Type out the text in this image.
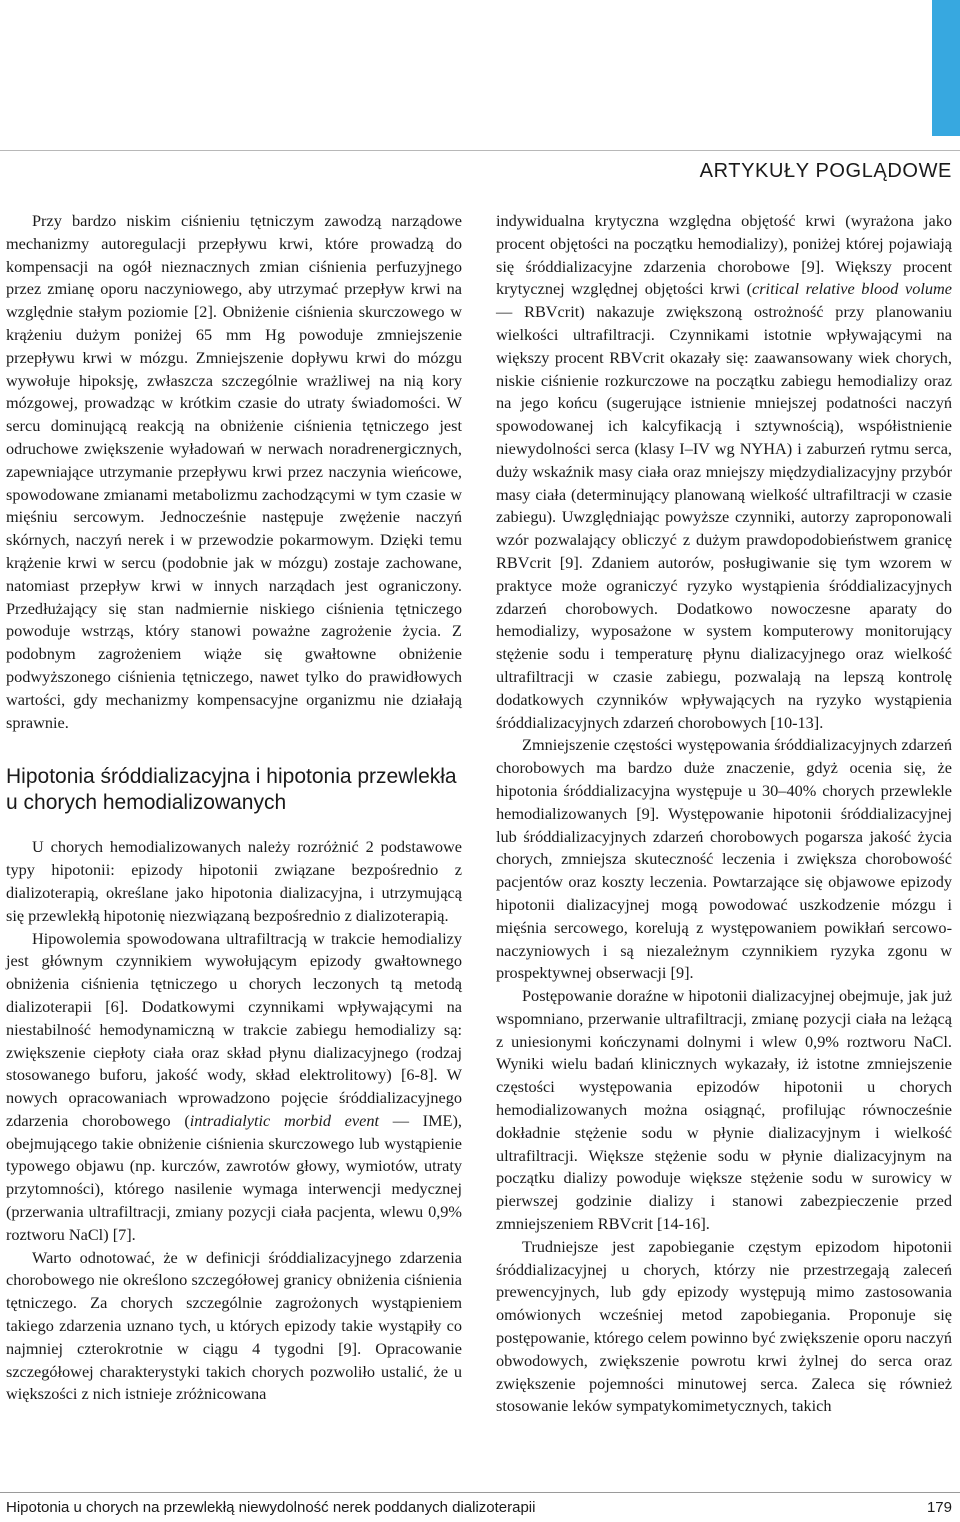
ARTYKUŁY POGLĄDOWE

Przy bardzo niskim ciśnieniu tętniczym zawodzą narządowe mechanizmy autoregulacji przepływu krwi, które prowadzą do kompensacji na ogół nieznacznych zmian ciśnienia perfuzyjnego przez zmianę oporu naczyniowego, aby utrzymać przepływ krwi na względnie stałym poziomie [2]. Obniżenie ciśnienia skurczowego w krążeniu dużym poniżej 65 mm Hg powoduje zmniejszenie przepływu krwi w mózgu. Zmniejszenie dopływu krwi do mózgu wywołuje hipoksję, zwłaszcza szczególnie wrażliwej na nią kory mózgowej, prowadząc w krótkim czasie do utraty świadomości. W sercu dominującą reakcją na obniżenie ciśnienia tętniczego jest odruchowe zwiększenie wyładowań w nerwach noradrenergicznych, zapewniające utrzymanie przepływu krwi przez naczynia wieńcowe, spowodowane zmianami metabolizmu zachodzącymi w tym czasie w mięśniu sercowym. Jednocześnie następuje zwężenie naczyń skórnych, naczyń nerek i w przewodzie pokarmowym. Dzięki temu krążenie krwi w sercu (podobnie jak w mózgu) zostaje zachowane, natomiast przepływ krwi w innych narządach jest ograniczony. Przedłużający się stan nadmiernie niskiego ciśnienia tętniczego powoduje wstrząs, który stanowi poważne zagrożenie życia. Z podobnym zagrożeniem wiąże się gwałtowne obniżenie podwyższonego ciśnienia tętniczego, nawet tylko do prawidłowych wartości, gdy mechanizmy kompensacyjne organizmu nie działają sprawnie.

Hipotonia śróddializacyjna i hipotonia przewlekła u chorych hemodializowanych

U chorych hemodializowanych należy rozróżnić 2 podstawowe typy hipotonii: epizody hipotonii związane bezpośrednio z dializoterapią, określane jako hipotonia dializacyjna, i utrzymującą się przewlekłą hipotonię niezwiązaną bezpośrednio z dializoterapią.

Hipowolemia spowodowana ultrafiltracją w trakcie hemodializy jest głównym czynnikiem wywołującym epizody gwałtownego obniżenia ciśnienia tętniczego u chorych leczonych tą metodą dializoterapii [6]. Dodatkowymi czynnikami wpływającymi na niestabilność hemodynamiczną w trakcie zabiegu hemodializy są: zwiększenie ciepłoty ciała oraz skład płynu dializacyjnego (rodzaj stosowanego buforu, jakość wody, skład elektrolitowy) [6-8]. W nowych opracowaniach wprowadzono pojęcie śróddializacyjnego zdarzenia chorobowego (intradialytic morbid event — IME), obejmującego takie obniżenie ciśnienia skurczowego lub wystąpienie typowego objawu (np. kurczów, zawrotów głowy, wymiotów, utraty przytomności), którego nasilenie wymaga interwencji medycznej (przerwania ultrafiltracji, zmiany pozycji ciała pacjenta, wlewu 0,9% roztworu NaCl) [7].

Warto odnotować, że w definicji śróddializacyjnego zdarzenia chorobowego nie określono szczegółowej granicy obniżenia ciśnienia tętniczego. Za chorych szczególnie zagrożonych wystąpieniem takiego zdarzenia uznano tych, u których epizody takie wystąpiły co najmniej czterokrotnie w ciągu 4 tygodni [9]. Opracowanie szczegółowej charakterystyki takich chorych pozwoliło ustalić, że u większości z nich istnieje zróżnicowana

indywidualna krytyczna względna objętość krwi (wyrażona jako procent objętości na początku hemodializy), poniżej której pojawiają się śróddializacyjne zdarzenia chorobowe [9]. Większy procent krytycznej względnej objętości krwi (critical relative blood volume — RBVcrit) nakazuje zwiększoną ostrożność przy planowaniu wielkości ultrafiltracji. Czynnikami istotnie wpływającymi na większy procent RBVcrit okazały się: zaawansowany wiek chorych, niskie ciśnienie rozkurczowe na początku zabiegu hemodializy oraz na jego końcu (sugerujące istnienie mniejszej podatności naczyń spowodowanej ich kalcyfikacją i sztywnością), współistnienie niewydolności serca (klasy I–IV wg NYHA) i zaburzeń rytmu serca, duży wskaźnik masy ciała oraz mniejszy międzydializacyjny przybór masy ciała (determinujący planowaną wielkość ultrafiltracji w czasie zabiegu). Uwzględniając powyższe czynniki, autorzy zaproponowali wzór pozwalający obliczyć z dużym prawdopodobieństwem granicę RBVcrit [9]. Zdaniem autorów, posługiwanie się tym wzorem w praktyce może ograniczyć ryzyko wystąpienia śróddializacyjnych zdarzeń chorobowych. Dodatkowo nowoczesne aparaty do hemodializy, wyposażone w system komputerowy monitorujący stężenie sodu i temperaturę płynu dializacyjnego oraz wielkość ultrafiltracji w czasie zabiegu, pozwalają na lepszą kontrolę dodatkowych czynników wpływających na ryzyko wystąpienia śróddializacyjnych zdarzeń chorobowych [10-13].

Zmniejszenie częstości występowania śróddializacyjnych zdarzeń chorobowych ma bardzo duże znaczenie, gdyż ocenia się, że hipotonia śróddializacyjna występuje u 30–40% chorych przewlekle hemodializowanych [9]. Występowanie hipotonii śróddializacyjnej lub śróddializacyjnych zdarzeń chorobowych pogarsza jakość życia chorych, zmniejsza skuteczność leczenia i zwiększa chorobowość pacjentów oraz koszty leczenia. Powtarzające się objawowe epizody hipotonii dializacyjnej mogą powodować uszkodzenie mózgu i mięśnia sercowego, korelują z występowaniem powikłań sercowo-naczyniowych i są niezależnym czynnikiem ryzyka zgonu w prospektywnej obserwacji [9].

Postępowanie doraźne w hipotonii dializacyjnej obejmuje, jak już wspomniano, przerwanie ultrafiltracji, zmianę pozycji ciała na leżącą z uniesionymi kończynami dolnymi i wlew 0,9% roztworu NaCl. Wyniki wielu badań klinicznych wykazały, iż istotne zmniejszenie częstości występowania epizodów hipotonii u chorych hemodializowanych można osiągnąć, profilując równocześnie dokładnie stężenie sodu w płynie dializacyjnym i wielkość ultrafiltracji. Większe stężenie sodu w płynie dializacyjnym na początku dializy powoduje większe stężenie sodu w surowicy w pierwszej godzinie dializy i stanowi zabezpieczenie przed zmniejszeniem RBVcrit [14-16].

Trudniejsze jest zapobieganie częstym epizodom hipotonii śróddializacyjnej u chorych, którzy nie przestrzegają zaleceń prewencyjnych, lub gdy epizody występują mimo zastosowania omówionych wcześniej metod zapobiegania. Proponuje się postępowanie, którego celem powinno być zwiększenie oporu naczyń obwodowych, zwiększenie powrotu krwi żylnej do serca oraz zwiększenie pojemności minutowej serca. Zaleca się również stosowanie leków sympatykomimetycznych, takich

Hipotonia u chorych na przewlekłą niewydolność nerek poddanych dializoterapii	179
